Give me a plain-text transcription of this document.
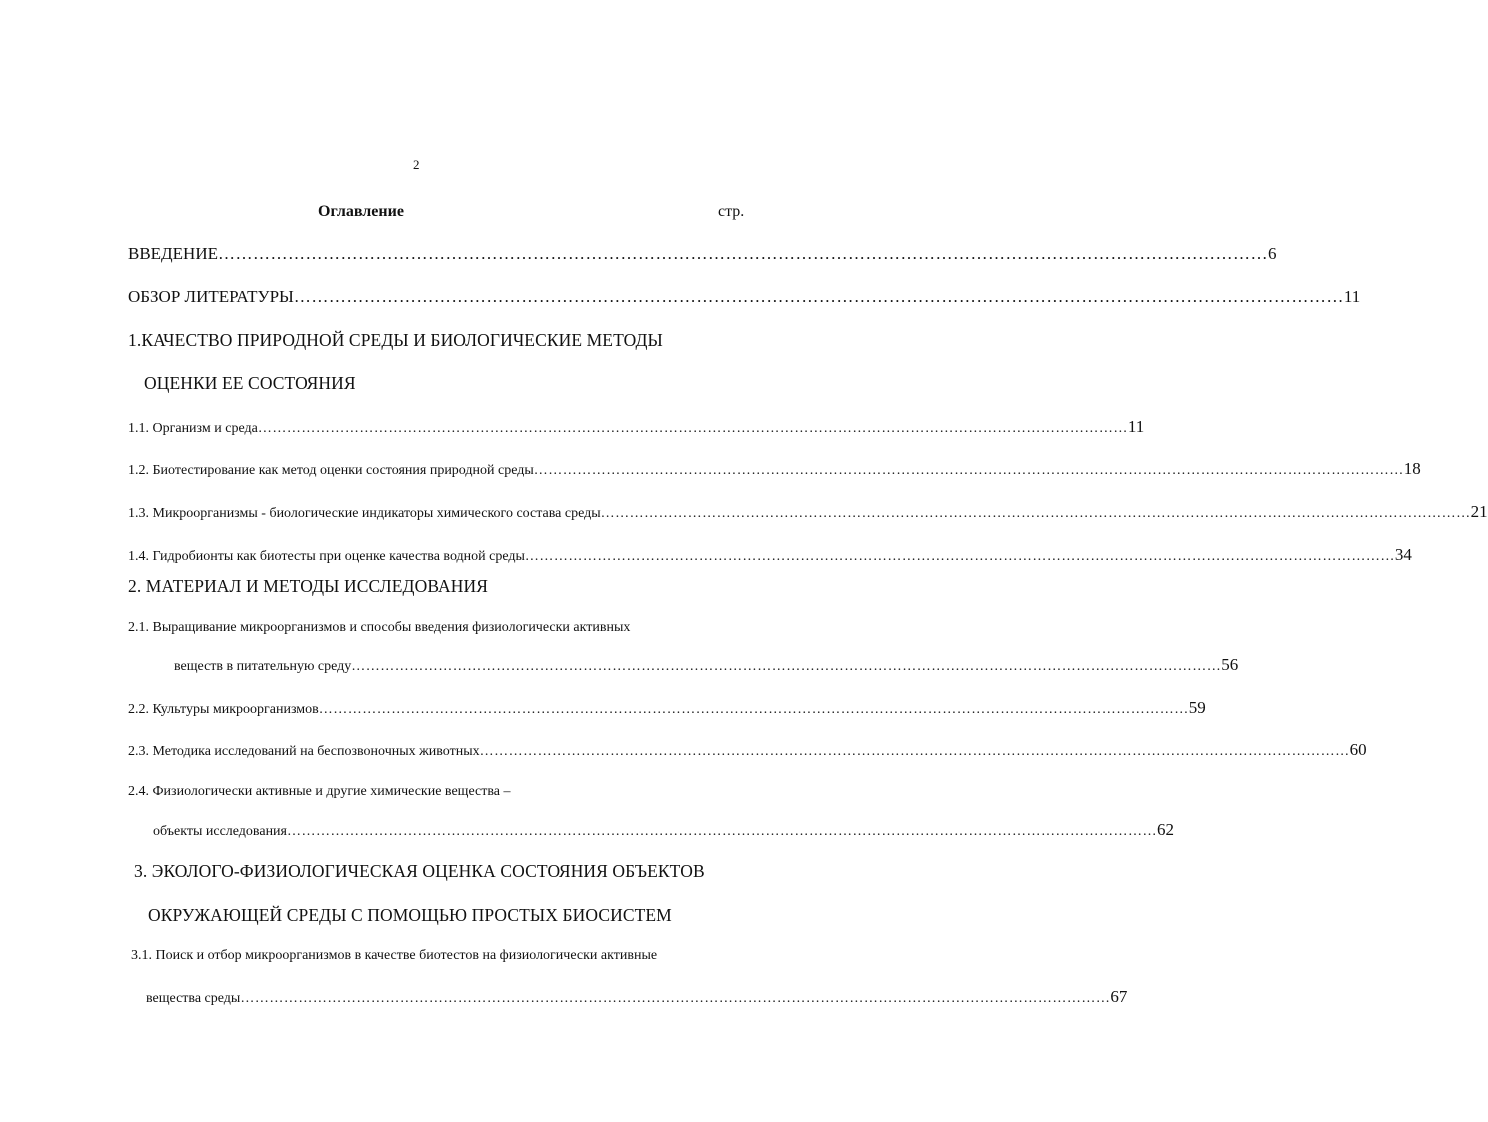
2
Оглавление	стр.
ВВЕДЕНИЕ ……………………………………………………………………………………………………………………………………………………………… 6
ОБЗОР ЛИТЕРАТУРЫ ……………………………………………………………………………………………………………………………………………………………… 11
1.КАЧЕСТВО ПРИРОДНОЙ СРЕДЫ И БИОЛОГИЧЕСКИЕ МЕТОДЫ
ОЦЕНКИ ЕЕ СОСТОЯНИЯ
1.1. Организм и среда ……………………………………………………………………………………………………………………………………………………………… 11
1.2. Биотестирование как метод оценки состояния природной среды ……………………………………………………………………………………………………………………………………………………………… 18
1.3. Микроорганизмы - биологические индикаторы химического состава среды ……………………………………………………………………………………………………………………………………………………………… 21
1.4. Гидробионты как биотесты при оценке качества водной среды ……………………………………………………………………………………………………………………………………………………………… 34
2. МАТЕРИАЛ И МЕТОДЫ ИССЛЕДОВАНИЯ
2.1. Выращивание микроорганизмов и способы введения физиологически активных
веществ в питательную среду ……………………………………………………………………………………………………………………………………………………………… 56
2.2. Культуры микроорганизмов ……………………………………………………………………………………………………………………………………………………………… 59
2.3. Методика исследований на беспозвоночных животных ……………………………………………………………………………………………………………………………………………………………… 60
2.4. Физиологически активные и другие химические вещества –
объекты исследования ……………………………………………………………………………………………………………………………………………………………… 62
3. ЭКОЛОГО-ФИЗИОЛОГИЧЕСКАЯ ОЦЕНКА СОСТОЯНИЯ ОБЪЕКТОВ
ОКРУЖАЮЩЕЙ СРЕДЫ С ПОМОЩЬЮ ПРОСТЫХ БИОСИСТЕМ
3.1. Поиск и отбор микроорганизмов в качестве биотестов на физиологически активные
вещества среды ……………………………………………………………………………………………………………………………………………………………… 67
